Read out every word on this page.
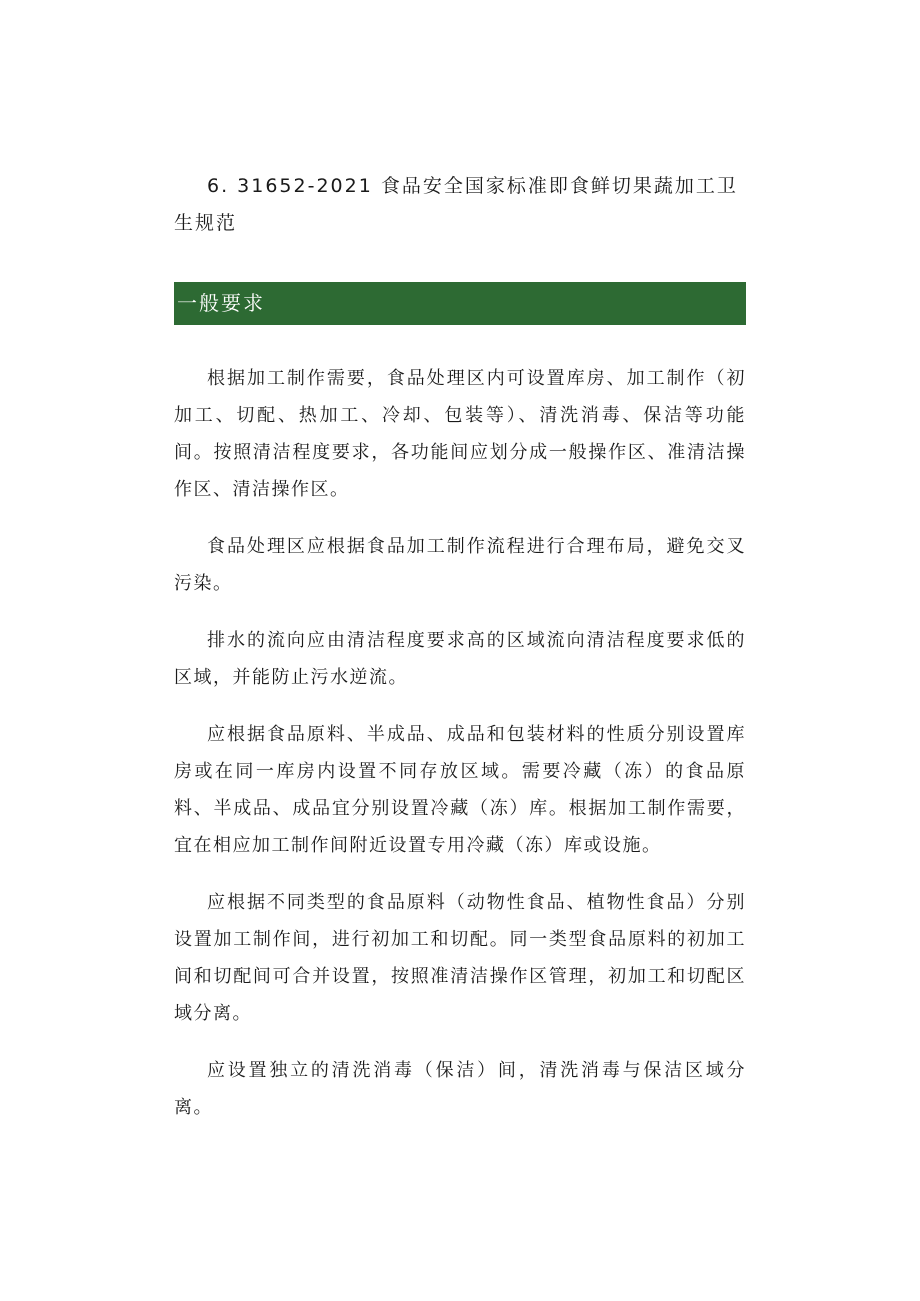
6. 31652-2021 食品安全国家标准即食鲜切果蔬加工卫生规范
一般要求

根据加工制作需要，食品处理区内可设置库房、加工制作（初加工、切配、热加工、冷却、包装等）、清洗消毒、保洁等功能间。按照清洁程度要求，各功能间应划分成一般操作区、准清洁操作区、清洁操作区。

食品处理区应根据食品加工制作流程进行合理布局，避免交叉污染。

排水的流向应由清洁程度要求高的区域流向清洁程度要求低的区域，并能防止污水逆流。

应根据食品原料、半成品、成品和包装材料的性质分别设置库房或在同一库房内设置不同存放区域。需要冷藏（冻）的食品原料、半成品、成品宜分别设置冷藏（冻）库。根据加工制作需要，宜在相应加工制作间附近设置专用冷藏（冻）库或设施。

应根据不同类型的食品原料（动物性食品、植物性食品）分别设置加工制作间，进行初加工和切配。同一类型食品原料的初加工间和切配间可合并设置，按照准清洁操作区管理，初加工和切配区域分离。

应设置独立的清洗消毒（保洁）间，清洗消毒与保洁区域分离。
